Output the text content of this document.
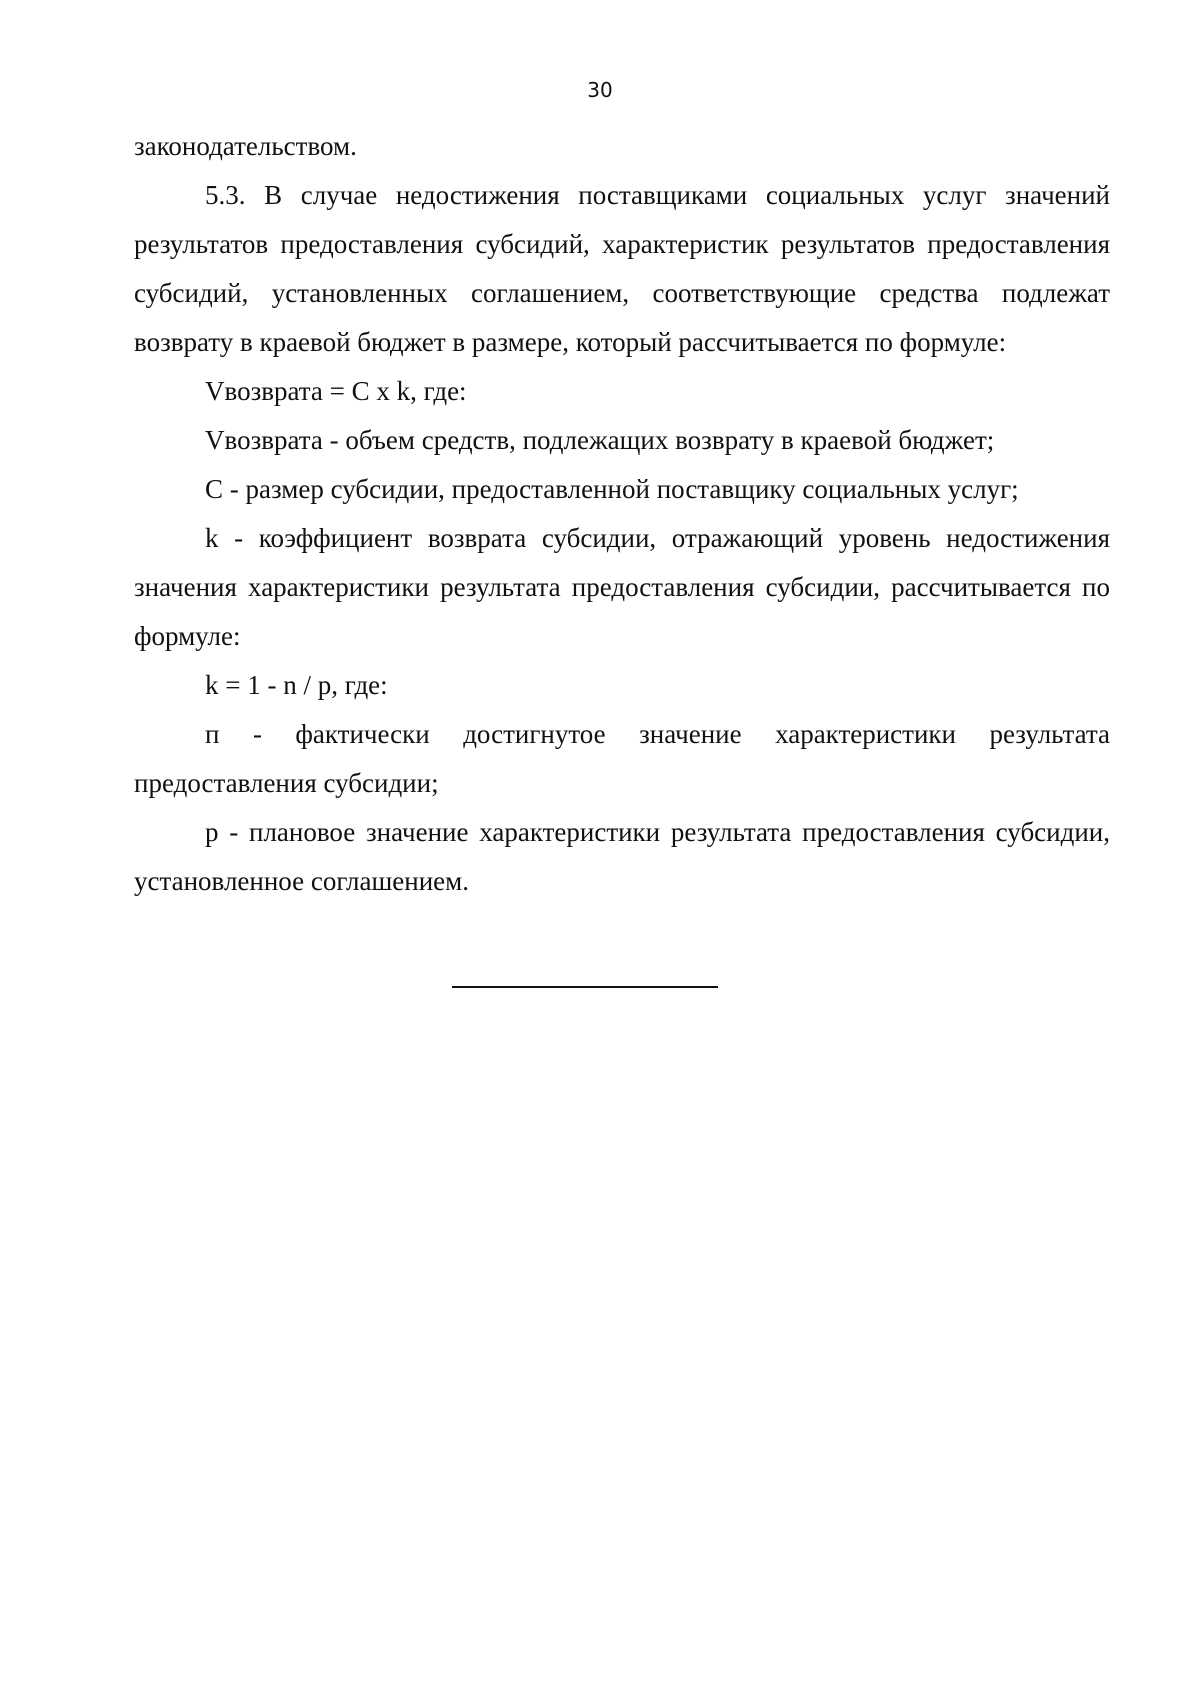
30

законодательством.

5.3. В случае недостижения поставщиками социальных услуг значений результатов предоставления субсидий, характеристик результатов предоставления субсидий, установленных соглашением, соответствующие средства подлежат возврату в краевой бюджет в размере, который рассчитывается по формуле:

Vвозврата = С x k, где:

Vвозврата - объем средств, подлежащих возврату в краевой бюджет;

С - размер субсидии, предоставленной поставщику социальных услуг;

k - коэффициент возврата субсидии, отражающий уровень недостижения значения характеристики результата предоставления субсидии, рассчитывается по формуле:

k = 1 - n / р, где:

п - фактически достигнутое значение характеристики результата предоставления субсидии;

р - плановое значение характеристики результата предоставления субсидии, установленное соглашением.
